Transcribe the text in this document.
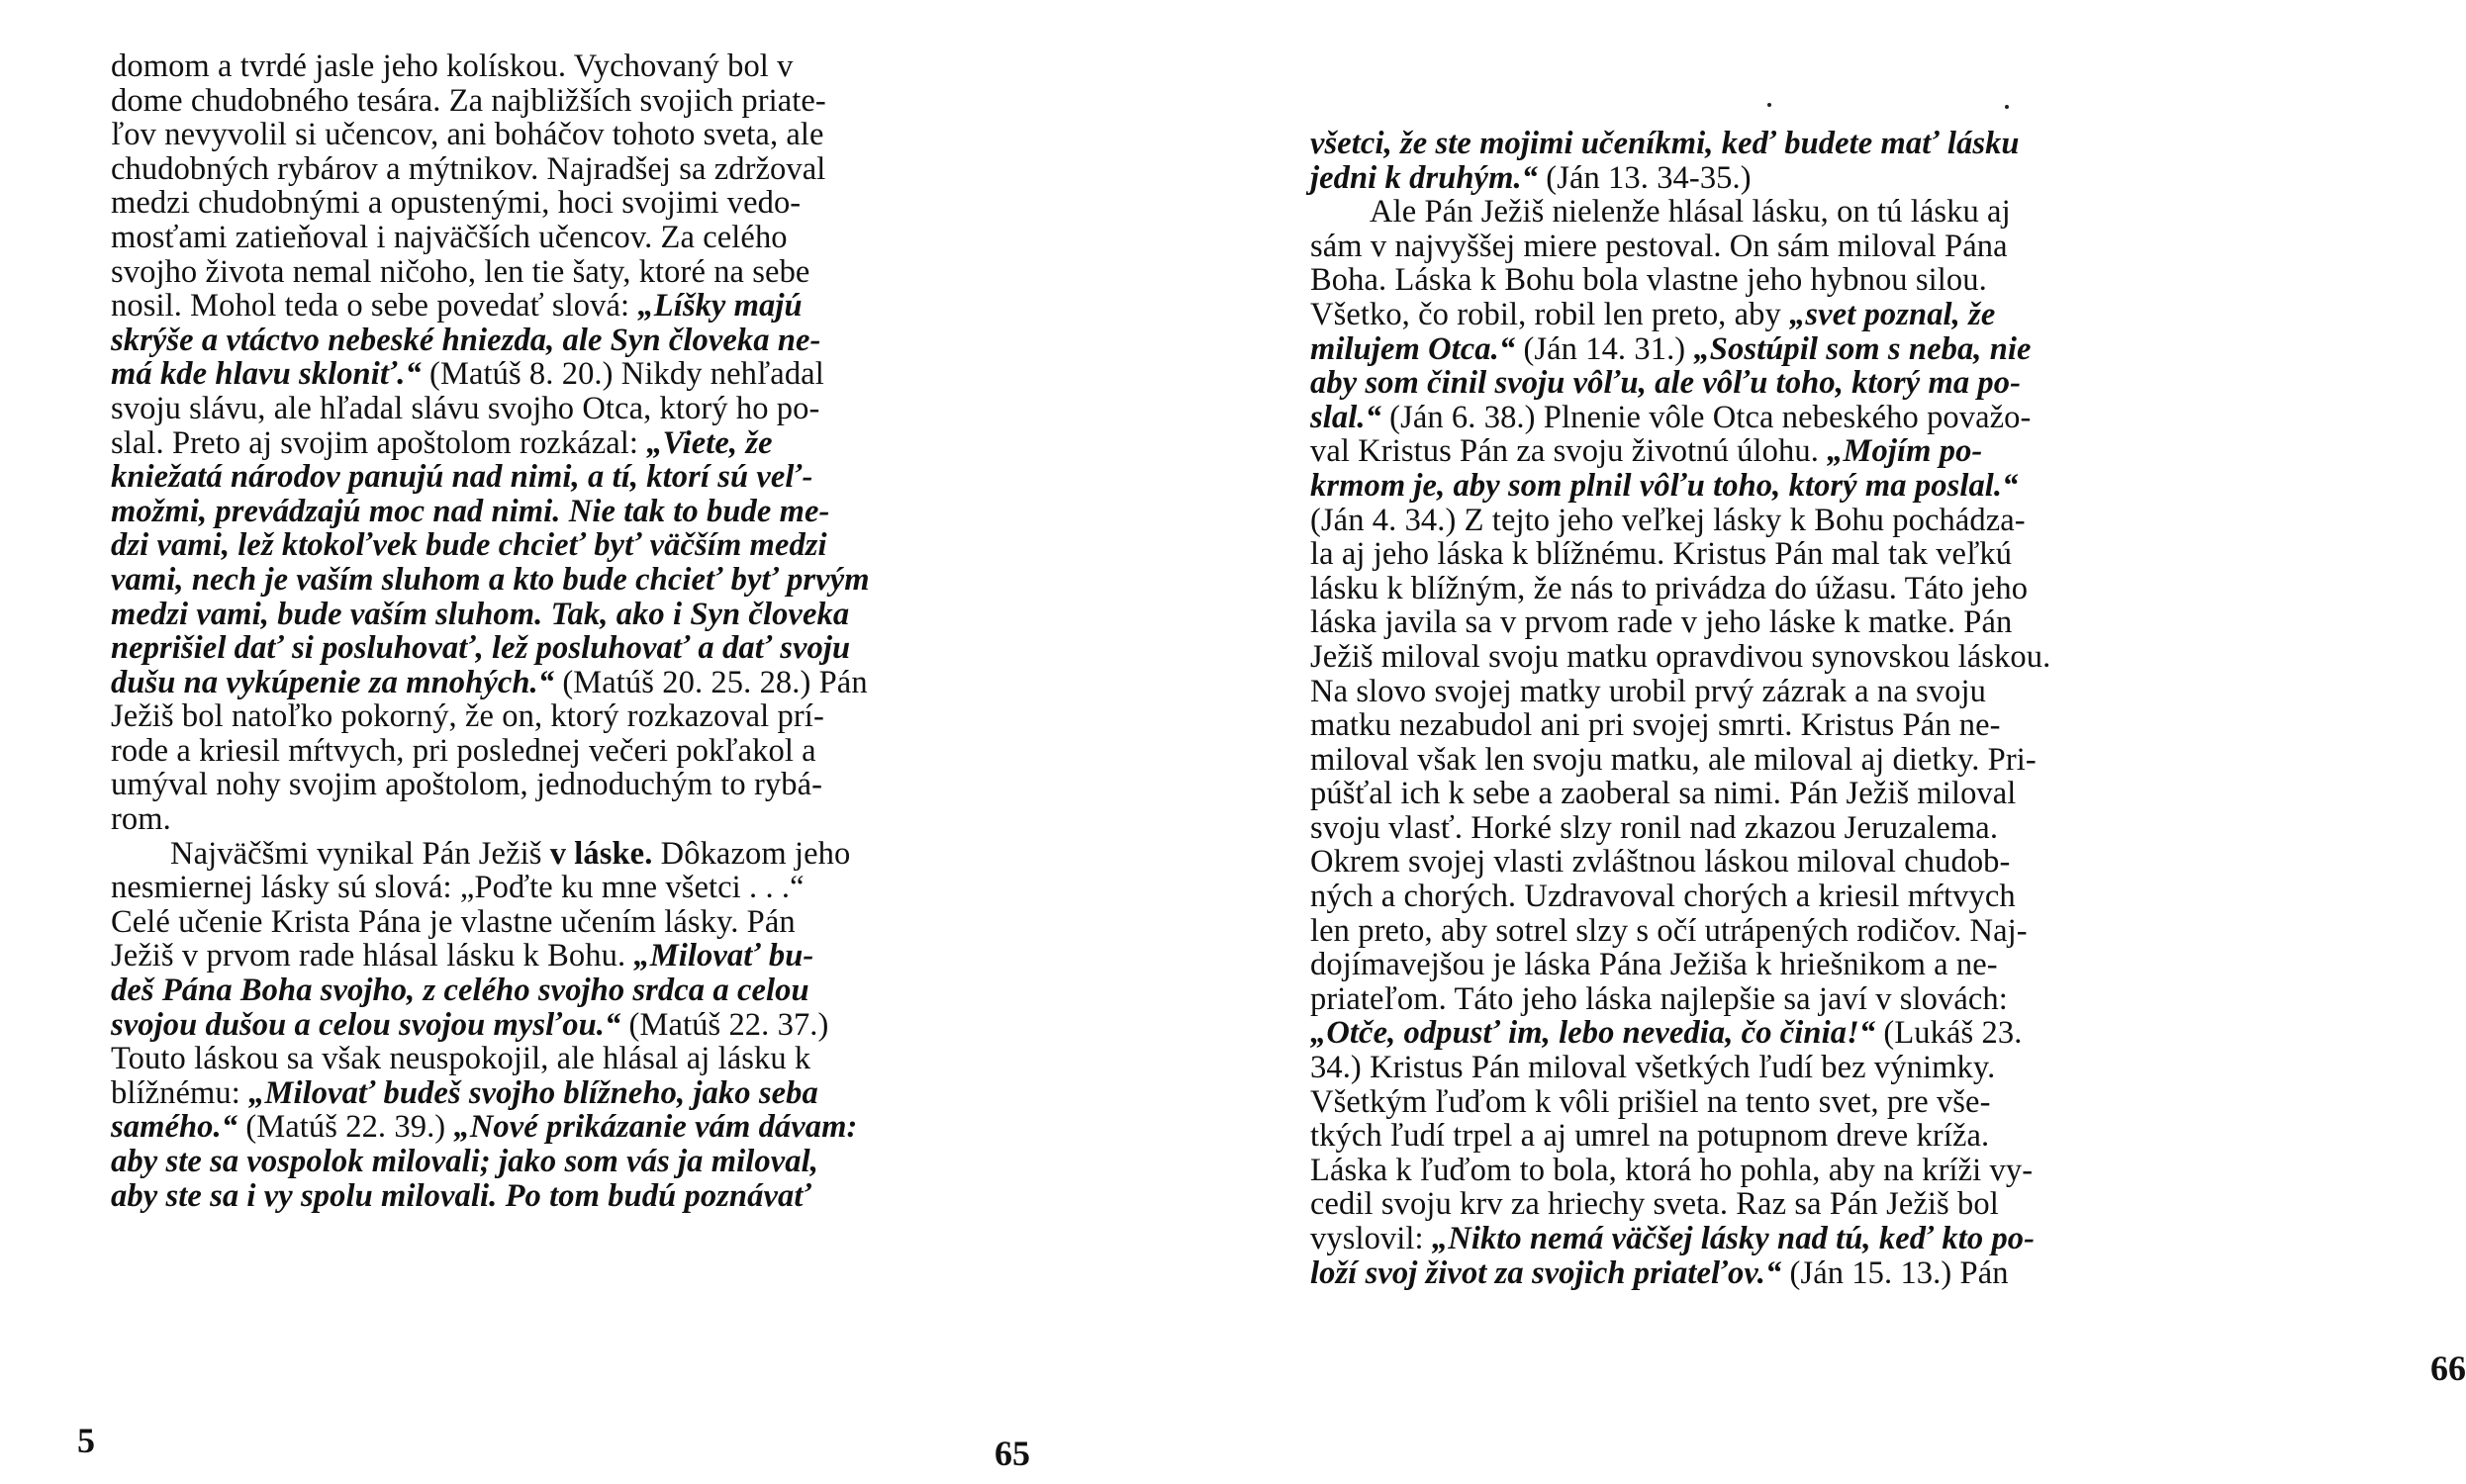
domom a tvrdé jasle jeho kolískou. Vychovaný bol v
dome chudobného tesára. Za najbližších svojich priate-
ľov nevyvolil si učencov, ani boháčov tohoto sveta, ale
chudobných rybárov a mýtnikov. Najradšej sa zdržoval
medzi chudobnými a opustenými, hoci svojimi vedo-
mosťami zatieňoval i najväčších učencov. Za celého
svojho života nemal ničoho, len tie šaty, ktoré na sebe
nosil. Mohol teda o sebe povedať slová: „Líšky majú
skrýše a vtáctvo nebeské hniezda, ale Syn človeka ne-
má kde hlavu skloniť.“ (Matúš 8. 20.) Nikdy nehľadal
svoju slávu, ale hľadal slávu svojho Otca, ktorý ho po-
slal. Preto aj svojim apoštolom rozkázal: „Viete, že
kniežatá národov panujú nad nimi, a tí, ktorí sú veľ-
možmi, prevádzajú moc nad nimi. Nie tak to bude me-
dzi vami, lež ktokoľvek bude chcieť byť väčším medzi
vami, nech je vaším sluhom a kto bude chcieť byť prvým
medzi vami, bude vaším sluhom. Tak, ako i Syn človeka
neprišiel dať si posluhovať, lež posluhovať a dať svoju
dušu na vykúpenie za mnohých.“ (Matúš 20. 25. 28.) Pán
Ježiš bol natoľko pokorný, že on, ktorý rozkazoval prí-
rode a kriesil mŕtvych, pri poslednej večeri pokľakol a
umýval nohy svojim apoštolom, jednoduchým to rybá-
rom.
Najväčšmi vynikal Pán Ježiš v láske. Dôkazom jeho
nesmiernej lásky sú slová: „Poďte ku mne všetci . . .“
Celé učenie Krista Pána je vlastne učením lásky. Pán
Ježiš v prvom rade hlásal lásku k Bohu. „Milovať bu-
deš Pána Boha svojho, z celého svojho srdca a celou
svojou dušou a celou svojou mysľou.“ (Matúš 22. 37.)
Touto láskou sa však neuspokojil, ale hlásal aj lásku k
blížnému: „Milovať budeš svojho blížneho, jako seba
samého.“ (Matúš 22. 39.) „Nové prikázanie vám dávam:
aby ste sa vospolok milovali; jako som vás ja miloval,
aby ste sa i vy spolu milovali. Po tom budú poznávať
65
5
všetci, že ste mojimi učeníkmi, keď budete mať lásku
jedni k druhým.“ (Ján 13. 34-35.)
Ale Pán Ježiš nielenže hlásal lásku, on tú lásku aj
sám v najvyššej miere pestoval. On sám miloval Pána
Boha. Láska k Bohu bola vlastne jeho hybnou silou.
Všetko, čo robil, robil len preto, aby „svet poznal, že
milujem Otca.“ (Ján 14. 31.) „Sostúpil som s neba, nie
aby som činil svoju vôľu, ale vôľu toho, ktorý ma po-
slal.“ (Ján 6. 38.) Plnenie vôle Otca nebeského považo-
val Kristus Pán za svoju životnú úlohu. „Mojím po-
krmom je, aby som plnil vôľu toho, ktorý ma poslal.“
(Ján 4. 34.) Z tejto jeho veľkej lásky k Bohu pochádza-
la aj jeho láska k blížnému. Kristus Pán mal tak veľkú
lásku k blížným, že nás to privádza do úžasu. Táto jeho
láska javila sa v prvom rade v jeho láske k matke. Pán
Ježiš miloval svoju matku opravdivou synovskou láskou.
Na slovo svojej matky urobil prvý zázrak a na svoju
matku nezabudol ani pri svojej smrti. Kristus Pán ne-
miloval však len svoju matku, ale miloval aj dietky. Pri-
púšťal ich k sebe a zaoberal sa nimi. Pán Ježiš miloval
svoju vlasť. Horké slzy ronil nad zkazou Jeruzalema.
Okrem svojej vlasti zvláštnou láskou miloval chudob-
ných a chorých. Uzdravoval chorých a kriesil mŕtvych
len preto, aby sotrel slzy s očí utrápených rodičov. Naj-
dojímavejšou je láska Pána Ježiša k hriešnikom a ne-
priateľom. Táto jeho láska najlepšie sa javí v slovách:
„Otče, odpusť im, lebo nevedia, čo činia!“ (Lukáš 23.
34.) Kristus Pán miloval všetkých ľudí bez výnimky.
Všetkým ľuďom k vôli prišiel na tento svet, pre vše-
tkých ľudí trpel a aj umrel na potupnom dreve kríža.
Láska k ľuďom to bola, ktorá ho pohla, aby na kríži vy-
cedil svoju krv za hriechy sveta. Raz sa Pán Ježiš bol
vyslovil: „Nikto nemá väčšej lásky nad tú, keď kto po-
loží svoj život za svojich priateľov.“ (Ján 15. 13.) Pán
66
